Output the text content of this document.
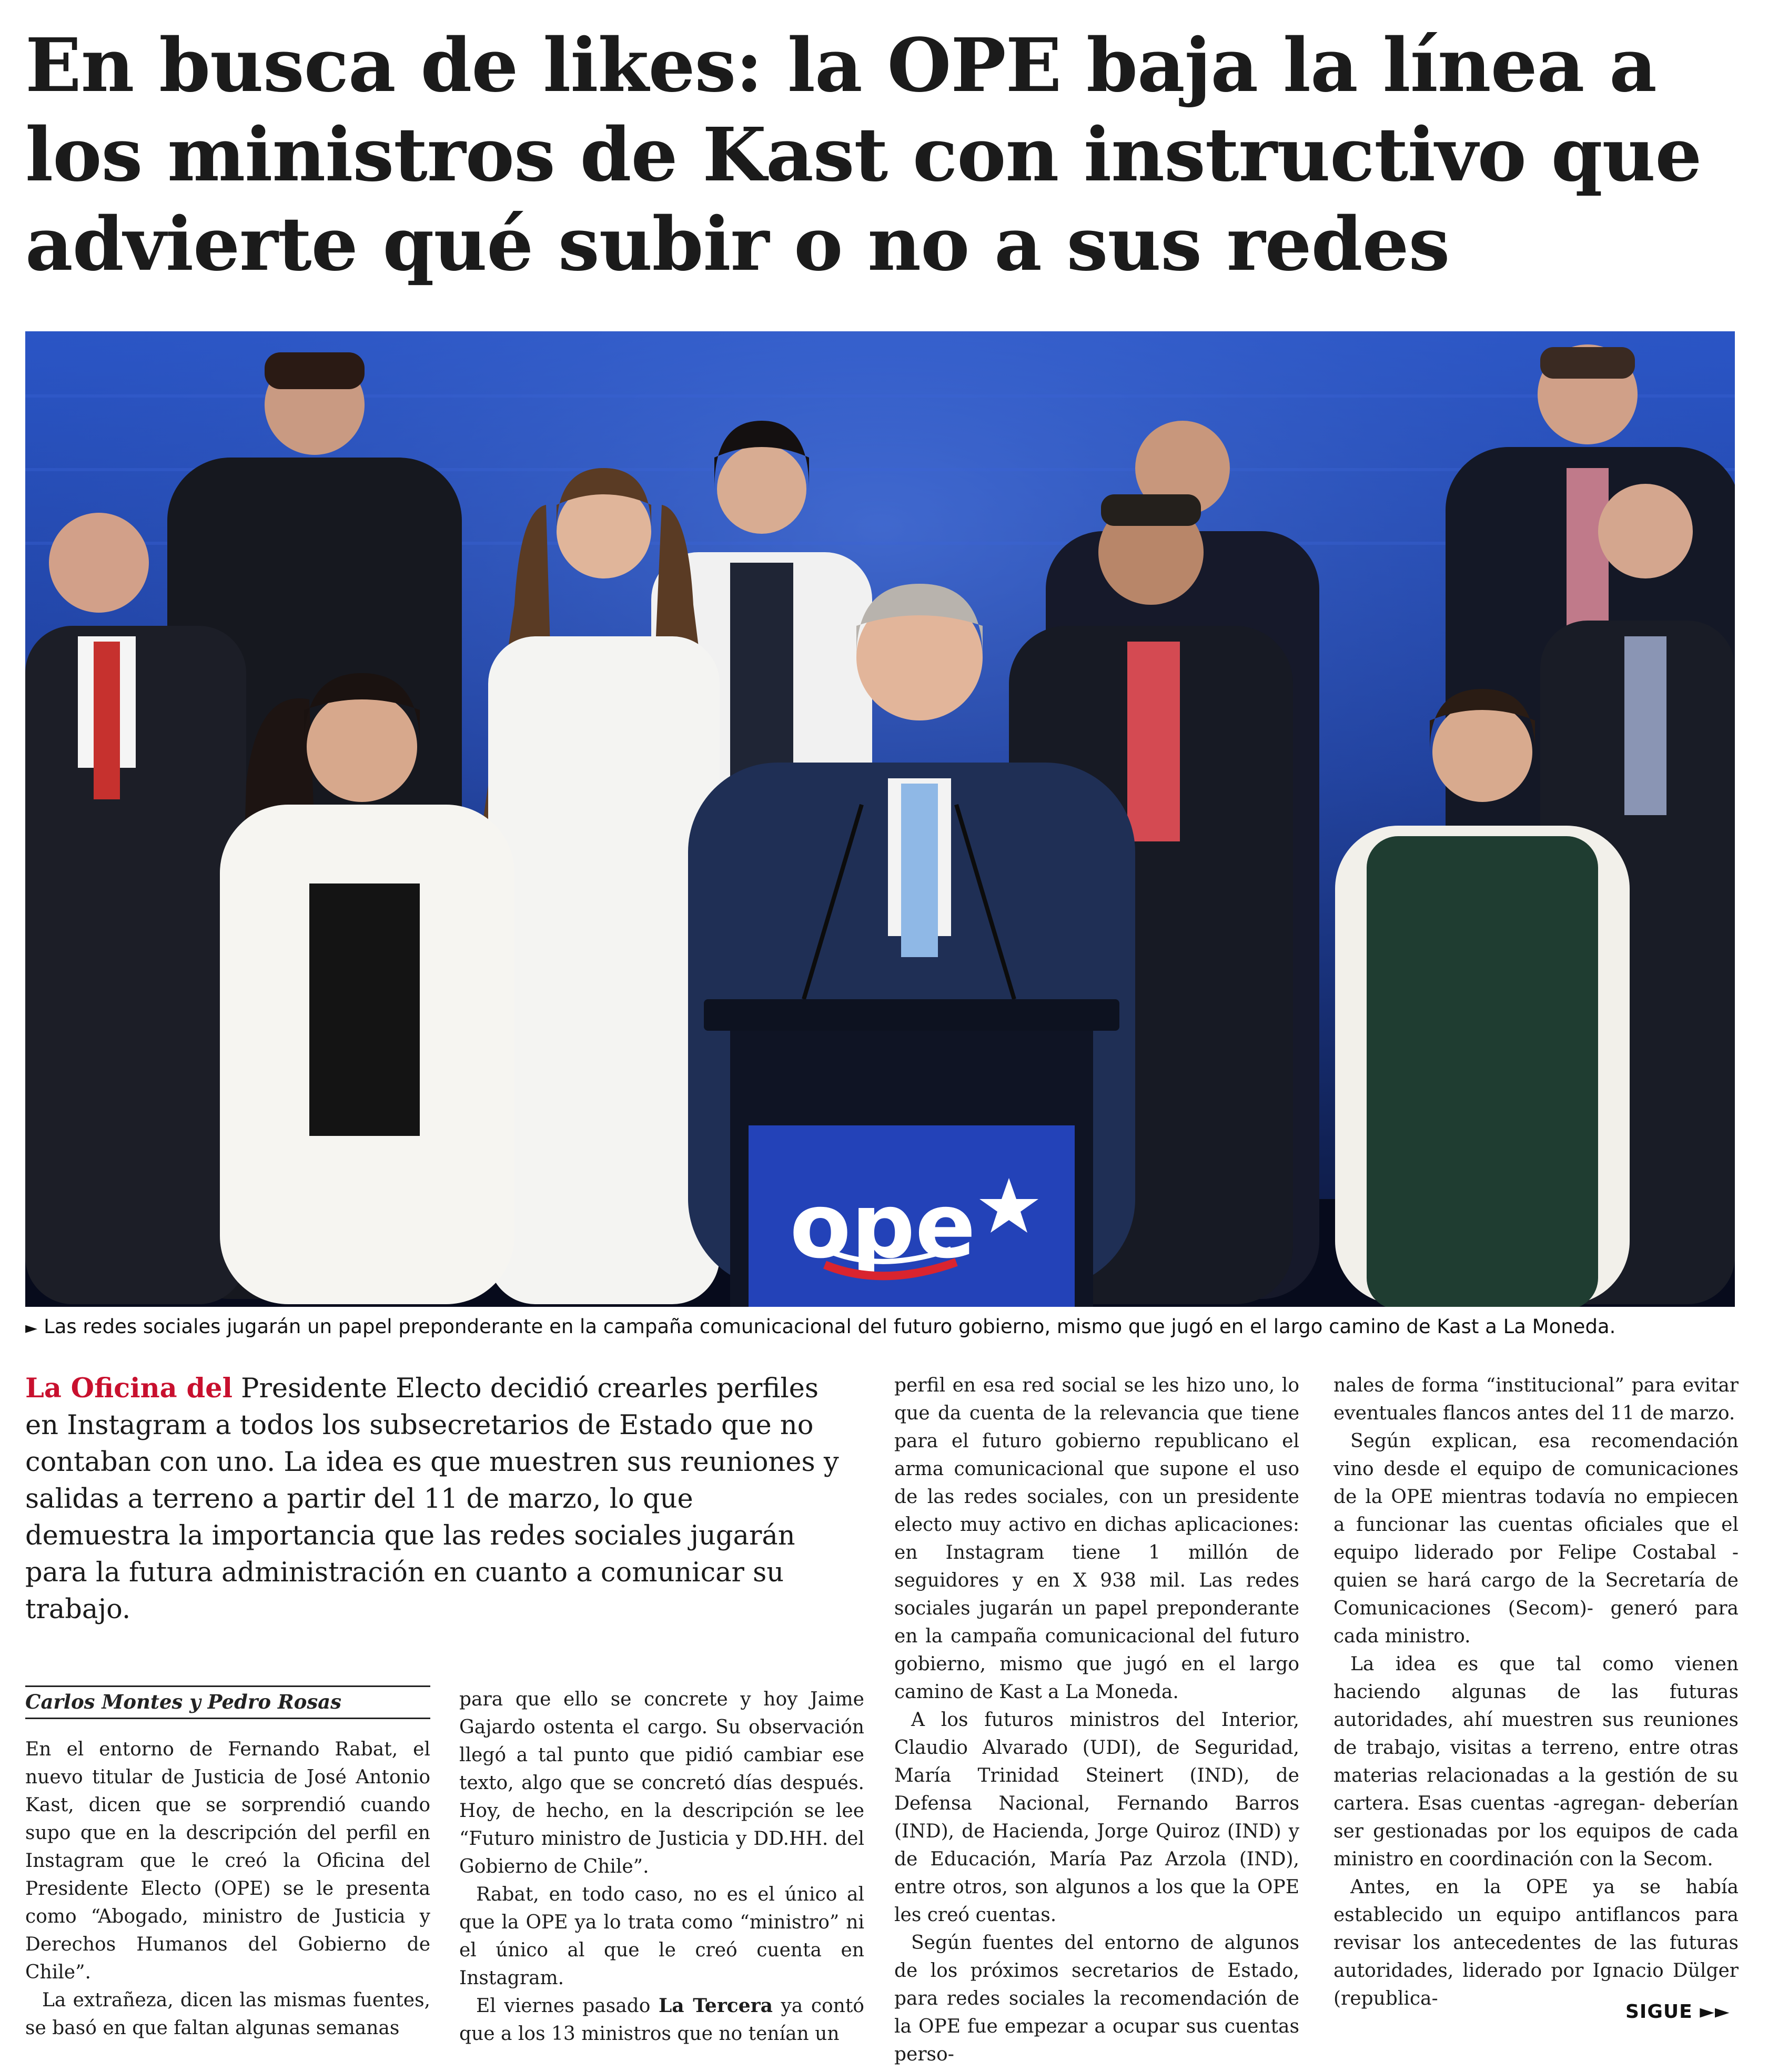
En busca de likes: la OPE baja la línea a los ministros de Kast con instructivo que advierte qué subir o no a sus redes
ope
► Las redes sociales jugarán un papel preponderante en la campaña comunicacional del futuro gobierno, mismo que jugó en el largo camino de Kast a La Moneda.
La Oficina del Presidente Electo decidió crearles perfiles en Instagram a todos los subsecretarios de Estado que no contaban con uno. La idea es que muestren sus reuniones y salidas a terreno a partir del 11 de marzo, lo que demuestra la importancia que las redes sociales jugarán para la futura administración en cuanto a comunicar su trabajo.
Carlos Montes y Pedro Rosas

En el entorno de Fernando Rabat, el nuevo titular de Justicia de José Antonio Kast, dicen que se sorprendió cuando supo que en la descripción del perfil en Instagram que le creó la Oficina del Presidente Electo (OPE) se le presenta como “Abogado, ministro de Justicia y Derechos Humanos del Gobierno de Chile”.

La extrañeza, dicen las mismas fuentes, se basó en que faltan algunas semanas

para que ello se concrete y hoy Jaime Gajardo ostenta el cargo. Su observación llegó a tal punto que pidió cambiar ese texto, algo que se concretó días después. Hoy, de hecho, en la descripción se lee “Futuro ministro de Justicia y DD.HH. del Gobierno de Chile”.

Rabat, en todo caso, no es el único al que la OPE ya lo trata como “ministro” ni el único al que le creó cuenta en Instagram.

El viernes pasado La Tercera ya contó que a los 13 ministros que no tenían un

perfil en esa red social se les hizo uno, lo que da cuenta de la relevancia que tiene para el futuro gobierno republicano el arma comunicacional que supone el uso de las redes sociales, con un presidente electo muy activo en dichas aplicaciones: en Instagram tiene 1 millón de seguidores y en X 938 mil. Las redes sociales jugarán un papel preponderante en la campaña comunicacional del futuro gobierno, mismo que jugó en el largo camino de Kast a La Moneda.

A los futuros ministros del Interior, Claudio Alvarado (UDI), de Seguridad, María Trinidad Steinert (IND), de Defensa Nacional, Fernando Barros (IND), de Hacienda, Jorge Quiroz (IND) y de Educación, María Paz Arzola (IND), entre otros, son algunos a los que la OPE les creó cuentas.

Según fuentes del entorno de algunos de los próximos secretarios de Estado, para redes sociales la recomendación de la OPE fue empezar a ocupar sus cuentas perso-

nales de forma “institucional” para evitar eventuales flancos antes del 11 de marzo.

Según explican, esa recomendación vino desde el equipo de comunicaciones de la OPE mientras todavía no empiecen a funcionar las cuentas oficiales que el equipo liderado por Felipe Costabal -quien se hará cargo de la Secretaría de Comunicaciones (Secom)- generó para cada ministro.

La idea es que tal como vienen haciendo algunas de las futuras autoridades, ahí muestren sus reuniones de trabajo, visitas a terreno, entre otras materias relacionadas a la gestión de su cartera. Esas cuentas -agregan- deberían ser gestionadas por los equipos de cada ministro en coordinación con la Secom.

Antes, en la OPE ya se había establecido un equipo antiflancos para revisar los antecedentes de las futuras autoridades, liderado por Ignacio Dülger (republica-

SIGUE ►►
